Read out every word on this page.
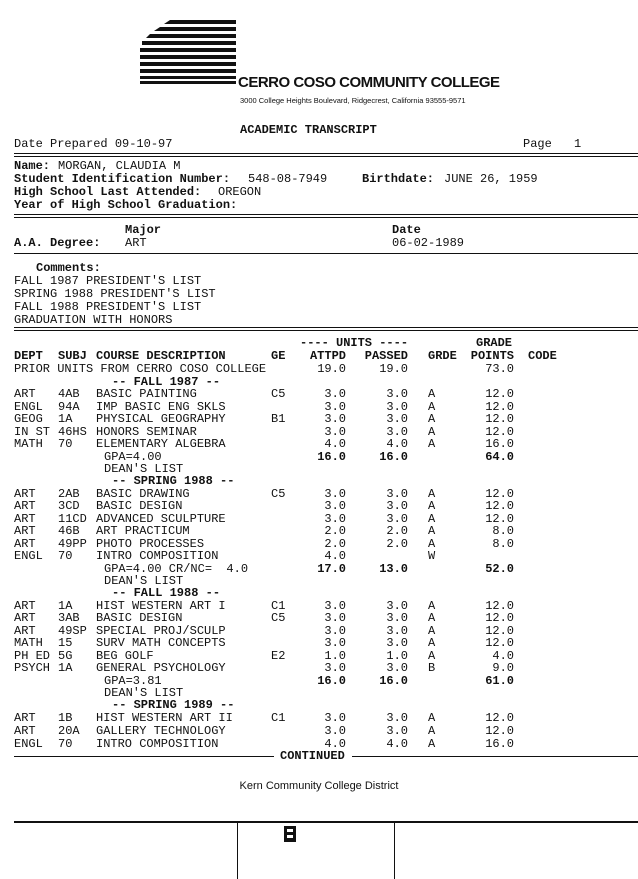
CERRO COSO COMMUNITY COLLEGE
3000 College Heights Boulevard, Ridgecrest, California 93555-9571
ACADEMIC TRANSCRIPT
Date Prepared 09-10-97	Page 1
Name: MORGAN, CLAUDIA M
Student Identification Number: 548-08-7949	Birthdate: JUNE 26, 1959
High School Last Attended: OREGON
Year of High School Graduation:
Major	Date
A.A. Degree: ART	06-02-1989
Comments:
FALL 1987 PRESIDENT'S LIST
SPRING 1988 PRESIDENT'S LIST
FALL 1988 PRESIDENT'S LIST
GRADUATION WITH HONORS
---- UNITS ----	GRADE
DEPT SUBJ COURSE DESCRIPTION	GE	ATTPD	PASSED GRDE POINTS CODE
PRIOR UNITS FROM CERRO COSO COLLEGE	19.0	19.0	73.0
-- FALL 1987 --
ART 4AB BASIC PAINTING	C5	3.0	3.0 A	12.0
ENGL 94A IMP BASIC ENG SKLS	3.0	3.0 A	12.0
GEOG 1A PHYSICAL GEOGRAPHY	B1	3.0	3.0 A	12.0
IN ST 46HS HONORS SEMINAR	3.0	3.0 A	12.0
MATH 70 ELEMENTARY ALGEBRA	4.0	4.0 A	16.0
GPA=4.00	16.0	16.0	64.0
DEAN'S LIST
-- SPRING 1988 --
ART 2AB BASIC DRAWING	C5	3.0	3.0 A	12.0
ART 3CD BASIC DESIGN	3.0	3.0 A	12.0
ART 11CD ADVANCED SCULPTURE	3.0	3.0 A	12.0
ART 46B ART PRACTICUM	2.0	2.0 A	8.0
ART 49PP PHOTO PROCESSES	2.0	2.0 A	8.0
ENGL 70 INTRO COMPOSITION	4.0	W
GPA=4.00 CR/NC=  4.0	17.0	13.0	52.0
DEAN'S LIST
-- FALL 1988 --
ART 1A HIST WESTERN ART I	C1	3.0	3.0 A	12.0
ART 3AB BASIC DESIGN	C5	3.0	3.0 A	12.0
ART 49SP SPECIAL PROJ/SCULP	3.0	3.0 A	12.0
MATH 15 SURV MATH CONCEPTS	3.0	3.0 A	12.0
PH ED 5G BEG GOLF	E2	1.0	1.0 A	4.0
PSYCH 1A GENERAL PSYCHOLOGY	3.0	3.0 B	9.0
GPA=3.81	16.0	16.0	61.0
DEAN'S LIST
-- SPRING 1989 --
ART 1B HIST WESTERN ART II	C1	3.0	3.0 A	12.0
ART 20A GALLERY TECHNOLOGY	3.0	3.0 A	12.0
ENGL 70 INTRO COMPOSITION	4.0	4.0 A	16.0
CONTINUED
Kern Community College District
